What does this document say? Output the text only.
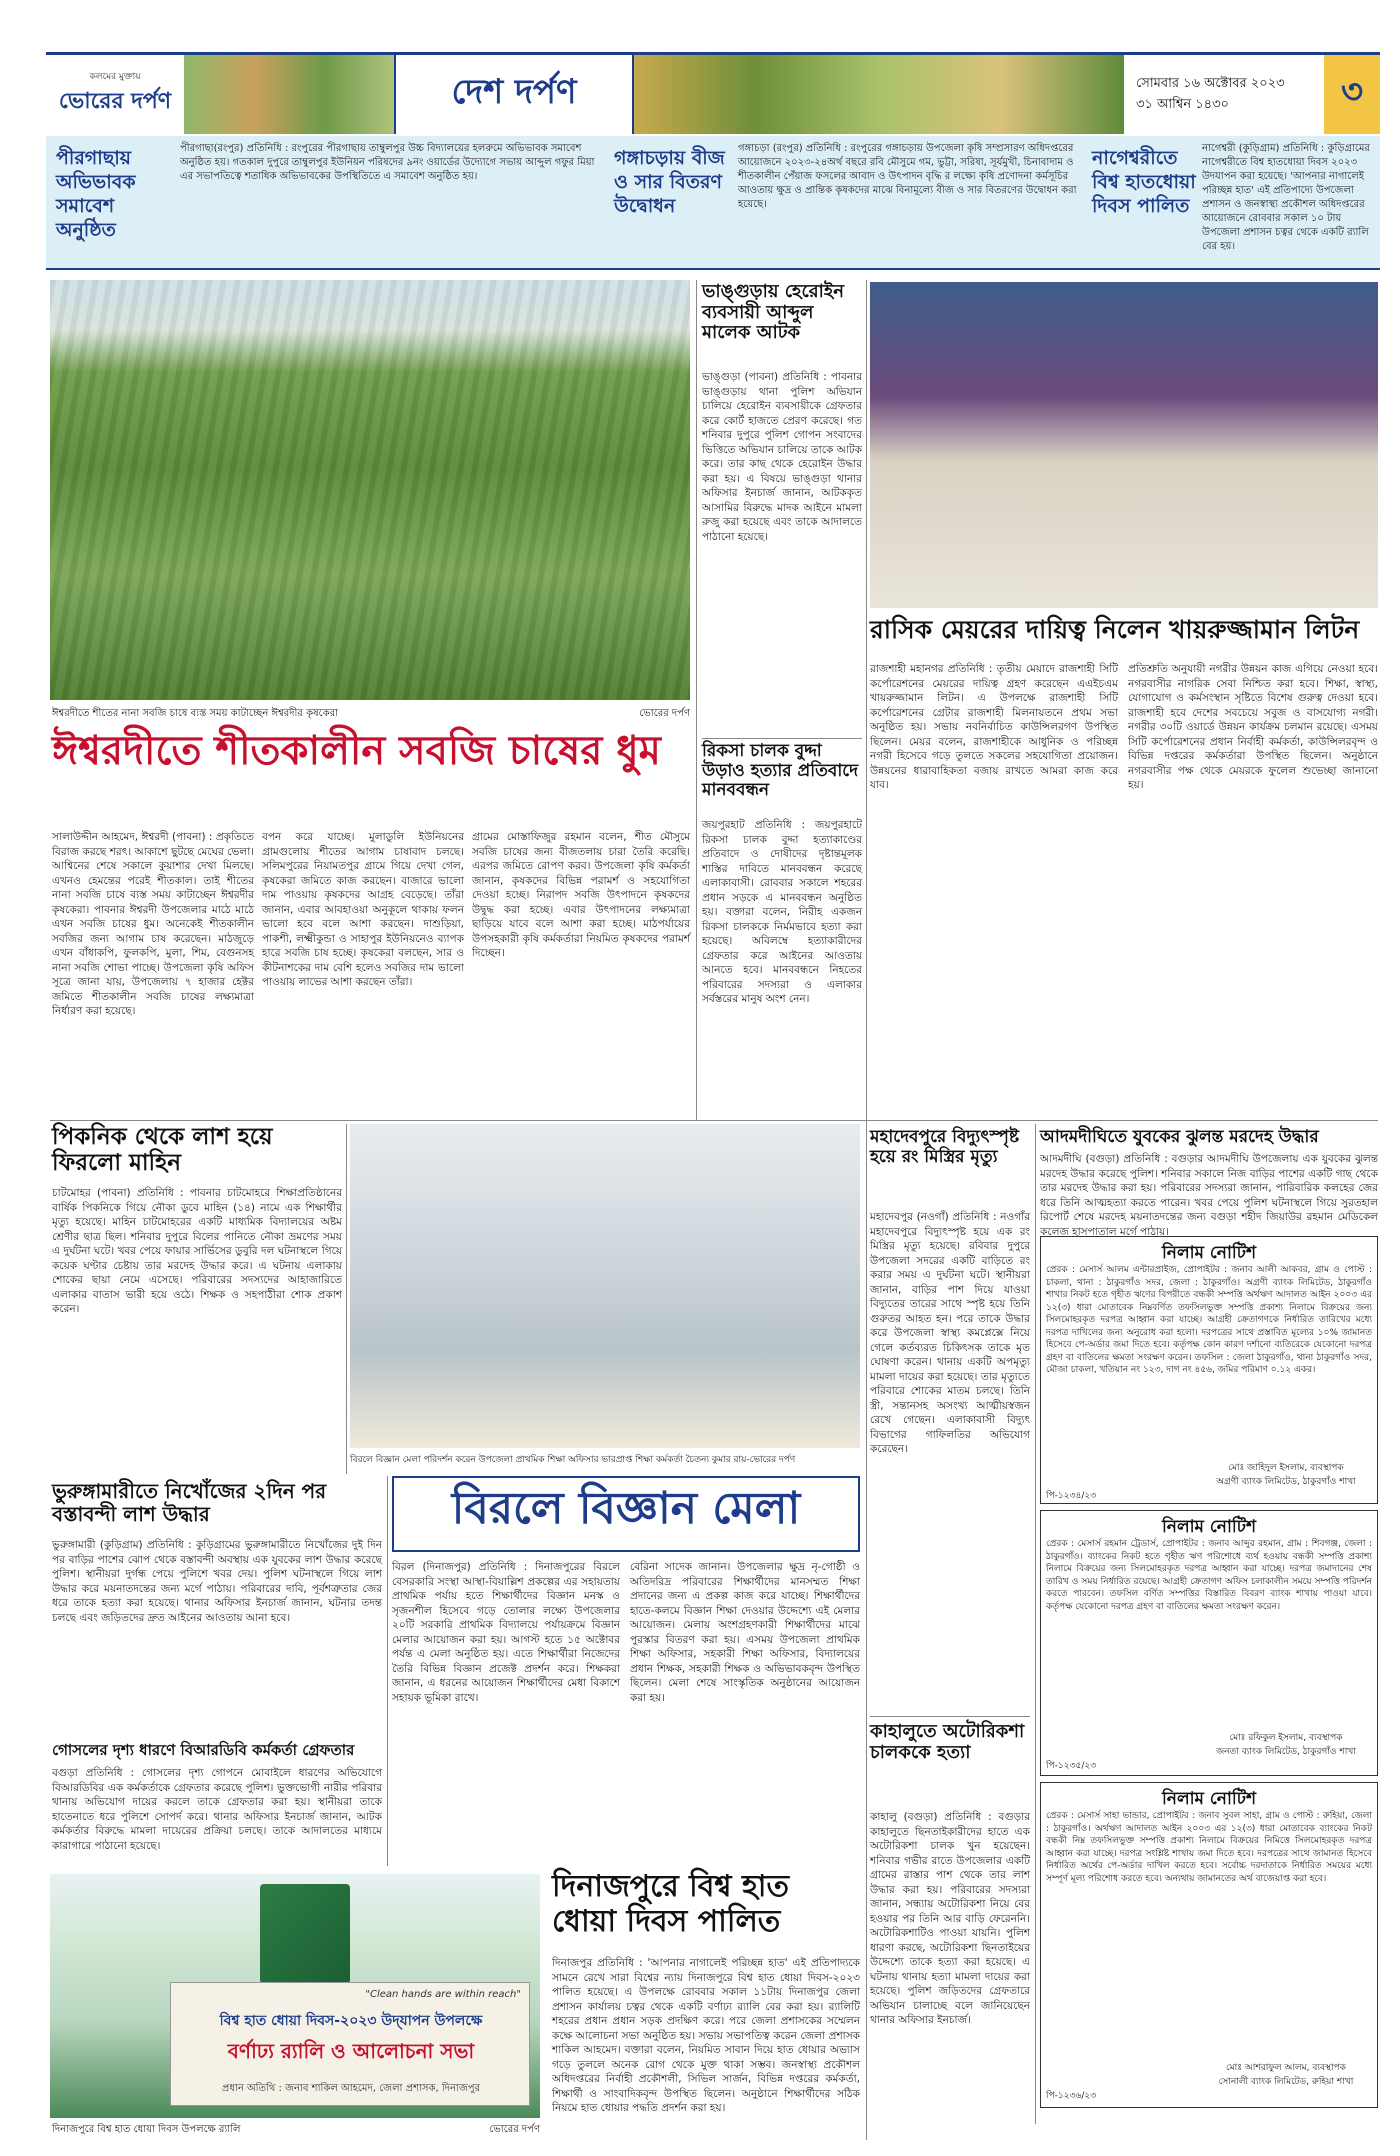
কলমের মুক্তায়
ভোরের দর্পণ	দেশ দর্পণ	সোমবার ১৬ অক্টোবর ২০২৩
৩১ আশ্বিন ১৪৩০	৩
পীরগাছায় অভিভাবক সমাবেশ অনুষ্ঠিত
পীরগাছা(রংপুর) প্রতিনিধি : রংপুরের পীরগাছায় তাম্বুলপুর উচ্চ বিদ্যালয়ের হলরুমে অভিভাবক সমাবেশ অনুষ্ঠিত হয়। গতকাল দুপুরে তাম্বুলপুর ইউনিয়ন পরিষদের ৯নং ওয়ার্ডের উদ্যোগে সভায় আব্দুল গফুর মিয়া এর সভাপতিত্বে শতাধিক অভিভাবকের উপস্থিতিতে এ সমাবেশ অনুষ্ঠিত হয়।
গঙ্গাচড়ায় বীজ ও সার বিতরণ উদ্বোধন
গঙ্গাচড়া (রংপুর) প্রতিনিধি : রংপুরের গঙ্গাচড়ায় উপজেলা কৃষি সম্প্রসারণ অধিদপ্তরের আয়োজনে ২০২৩-২৪অর্থ বছরে রবি মৌসুমে গম, ভুট্টা, সরিষা, সূর্যমুখী, চিনাবাদাম ও শীতকালীন পেঁয়াজ ফসলের আবাদ ও উৎপাদন বৃদ্ধি র লক্ষ্যে কৃষি প্রণোদনা কর্মসূচির আওতায় ক্ষুদ্র ও প্রান্তিক কৃষকদের মাঝে বিনামূল্যে বীজ ও সার বিতরণের উদ্বোধন করা হয়েছে।
নাগেশ্বরীতে বিশ্ব হাতধোয়া দিবস পালিত
নাগেশ্বরী (কুড়িগ্রাম) প্রতিনিধি : কুড়িগ্রামের নাগেশ্বরীতে বিশ্ব হাতধোয়া দিবস ২০২৩ উদযাপন করা হয়েছে। 'আপনার নাগালেই পরিচ্ছন্ন হাত' এই প্রতিপাদ্যে উপজেলা প্রশাসন ও জনস্বাস্থ্য প্রকৌশল অধিদপ্তরের আয়োজনে রোববার সকাল ১০ টায় উপজেলা প্রশাসন চত্বর থেকে একটি র‍্যালি বের হয়।
ঈশ্বরদীতে শীতের নানা সবজি চাষে ব্যস্ত সময় কাটাচ্ছেন ঈশ্বরদীর কৃষকেরা	ভোরের দর্পণ
ভাঙ্গুড়ায় হেরোইন ব্যবসায়ী আব্দুল মালেক আটক
ভাঙ্গুড়া (পাবনা) প্রতিনিধি : পাবনার ভাঙ্গুড়ায় থানা পুলিশ অভিযান চালিয়ে হেরোইন ব্যবসায়ীকে গ্রেফতার করে কোর্ট হাজতে প্রেরণ করেছে। গত শনিবার দুপুরে পুলিশ গোপন সংবাদের ভিত্তিতে অভিযান চালিয়ে তাকে আটক করে। তার কাছ থেকে হেরোইন উদ্ধার করা হয়। এ বিষয়ে ভাঙ্গুড়া থানার অফিসার ইনচার্জ জানান, আটককৃত আসামির বিরুদ্ধে মাদক আইনে মামলা রুজু করা হয়েছে এবং তাকে আদালতে পাঠানো হয়েছে।
রিকসা চালক বুদ্দা উড়াও হত্যার প্রতিবাদে মানববন্ধন
জয়পুরহাট প্রতিনিধি : জয়পুরহাটে রিকসা চালক বুদ্দা হত্যাকাণ্ডের প্রতিবাদে ও দোষীদের দৃষ্টান্তমূলক শাস্তির দাবিতে মানববন্ধন করেছে এলাকাবাসী। রোববার সকালে শহরের প্রধান সড়কে এ মানববন্ধন অনুষ্ঠিত হয়। বক্তারা বলেন, নিরীহ একজন রিকসা চালককে নির্মমভাবে হত্যা করা হয়েছে। অবিলম্বে হত্যাকারীদের গ্রেফতার করে আইনের আওতায় আনতে হবে। মানববন্ধনে নিহতের পরিবারের সদস্যরা ও এলাকার সর্বস্তরের মানুষ অংশ নেন।
রাসিক মেয়রের দায়িত্ব নিলেন খায়রুজ্জামান লিটন
রাজশাহী মহানগর প্রতিনিধি : তৃতীয় মেয়াদে রাজশাহী সিটি কর্পোরেশনের মেয়রের দায়িত্ব গ্রহণ করেছেন এএইচএম খায়রুজ্জামান লিটন। এ উপলক্ষে রাজশাহী সিটি কর্পোরেশনের গ্রেটার রাজশাহী মিলনায়তনে প্রথম সভা অনুষ্ঠিত হয়। সভায় নবনির্বাচিত কাউন্সিলরগণ উপস্থিত ছিলেন। মেয়র বলেন, রাজশাহীকে আধুনিক ও পরিচ্ছন্ন নগরী হিসেবে গড়ে তুলতে সকলের সহযোগিতা প্রয়োজন। উন্নয়নের ধারাবাহিকতা বজায় রাখতে আমরা কাজ করে যাব।
প্রতিশ্রুতি অনুযায়ী নগরীর উন্নয়ন কাজ এগিয়ে নেওয়া হবে। নগরবাসীর নাগরিক সেবা নিশ্চিত করা হবে। শিক্ষা, স্বাস্থ্য, যোগাযোগ ও কর্মসংস্থান সৃষ্টিতে বিশেষ গুরুত্ব দেওয়া হবে। রাজশাহী হবে দেশের সবচেয়ে সবুজ ও বাসযোগ্য নগরী। নগরীর ৩০টি ওয়ার্ডে উন্নয়ন কার্যক্রম চলমান রয়েছে। এসময় সিটি কর্পোরেশনের প্রধান নির্বাহী কর্মকর্তা, কাউন্সিলরবৃন্দ ও বিভিন্ন দপ্তরের কর্মকর্তারা উপস্থিত ছিলেন। অনুষ্ঠানে নগরবাসীর পক্ষ থেকে মেয়রকে ফুলেল শুভেচ্ছা জানানো হয়।
ঈশ্বরদীতে শীতকালীন সবজি চাষের ধুম
সালাউদ্দীন আহমেদ, ঈশ্বরদী (পাবনা) : প্রকৃতিতে বিরাজ করছে শরৎ। আকাশে ছুটছে মেঘের ভেলা। আশ্বিনের শেষে সকালে কুয়াশার দেখা মিলছে। এখনও হেমন্তের পরেই শীতকাল। তাই শীতের নানা সবজি চাষে ব্যস্ত সময় কাটাচ্ছেন ঈশ্বরদীর কৃষকেরা। পাবনার ঈশ্বরদী উপজেলার মাঠে মাঠে এখন সবজি চাষের ধুম। অনেকেই শীতকালীন সবজির জন্য আগাম চাষ করেছেন। মাঠজুড়ে এখন বাঁধাকপি, ফুলকপি, মুলা, শিম, বেগুনসহ নানা সবজি শোভা পাচ্ছে। উপজেলা কৃষি অফিস সূত্রে জানা যায়, উপজেলায় ৭ হাজার হেক্টর জমিতে শীতকালীন সবজি চাষের লক্ষ্যমাত্রা নির্ধারণ করা হয়েছে।
বপন করে যাচ্ছে। মুলাডুলি ইউনিয়নের গ্রামগুলোয় শীতের আগাম চাষাবাদ চলছে। সলিমপুরের নিয়ামতপুর গ্রামে গিয়ে দেখা গেল, কৃষকেরা জমিতে কাজ করছেন। বাজারে ভালো দাম পাওয়ায় কৃষকদের আগ্রহ বেড়েছে। তাঁরা জানান, এবার আবহাওয়া অনুকূলে থাকায় ফলন ভালো হবে বলে আশা করছেন। দাশুড়িয়া, পাকশী, লক্ষ্মীকুন্ডা ও সাহাপুর ইউনিয়নেও ব্যাপক হারে সবজি চাষ হচ্ছে। কৃষকেরা বলছেন, সার ও কীটনাশকের দাম বেশি হলেও সবজির দাম ভালো পাওয়ায় লাভের আশা করছেন তাঁরা।
গ্রামের মোস্তাফিজুর রহমান বলেন, শীত মৌসুমে সবজি চাষের জন্য বীজতলায় চারা তৈরি করেছি। এরপর জমিতে রোপণ করব। উপজেলা কৃষি কর্মকর্তা জানান, কৃষকদের বিভিন্ন পরামর্শ ও সহযোগিতা দেওয়া হচ্ছে। নিরাপদ সবজি উৎপাদনে কৃষকদের উদ্বুদ্ধ করা হচ্ছে। এবার উৎপাদনের লক্ষ্যমাত্রা ছাড়িয়ে যাবে বলে আশা করা হচ্ছে। মাঠপর্যায়ের উপসহকারী কৃষি কর্মকর্তারা নিয়মিত কৃষকদের পরামর্শ দিচ্ছেন।
পিকনিক থেকে লাশ হয়ে ফিরলো মাহিন
চাটমোহর (পাবনা) প্রতিনিধি : পাবনার চাটমোহরে শিক্ষাপ্রতিষ্ঠানের বার্ষিক পিকনিকে গিয়ে নৌকা ডুবে মাহিন (১৪) নামে এক শিক্ষার্থীর মৃত্যু হয়েছে। মাহিন চাটমোহরের একটি মাধ্যমিক বিদ্যালয়ের অষ্টম শ্রেণীর ছাত্র ছিল। শনিবার দুপুরে বিলের পানিতে নৌকা ভ্রমণের সময় এ দুর্ঘটনা ঘটে। খবর পেয়ে ফায়ার সার্ভিসের ডুবুরি দল ঘটনাস্থলে গিয়ে কয়েক ঘণ্টার চেষ্টায় তার মরদেহ উদ্ধার করে। এ ঘটনায় এলাকায় শোকের ছায়া নেমে এসেছে। পরিবারের সদস্যদের আহাজারিতে এলাকার বাতাস ভারী হয়ে ওঠে। শিক্ষক ও সহপাঠীরা শোক প্রকাশ করেন।
বিরলে বিজ্ঞান মেলা পরিদর্শন করেন উপজেলা প্রাথমিক শিক্ষা অফিসার ভারপ্রাপ্ত শিক্ষা কর্মকর্তা চৈতন্য কুমার রায়-ভোরের দর্পণ
ভুরুঙ্গামারীতে নিখোঁজের ২দিন পর বস্তাবন্দী লাশ উদ্ধার
ভুরুঙ্গামারী (কুড়িগ্রাম) প্রতিনিধি : কুড়িগ্রামের ভুরুঙ্গামারীতে নিখোঁজের দুই দিন পর বাড়ির পাশের ঝোপ থেকে বস্তাবন্দী অবস্থায় এক যুবকের লাশ উদ্ধার করেছে পুলিশ। স্থানীয়রা দুর্গন্ধ পেয়ে পুলিশে খবর দেয়। পুলিশ ঘটনাস্থলে গিয়ে লাশ উদ্ধার করে ময়নাতদন্তের জন্য মর্গে পাঠায়। পরিবারের দাবি, পূর্বশত্রুতার জের ধরে তাকে হত্যা করা হয়েছে। থানার অফিসার ইনচার্জ জানান, ঘটনার তদন্ত চলছে এবং জড়িতদের দ্রুত আইনের আওতায় আনা হবে।
গোসলের দৃশ্য ধারণে বিআরডিবি কর্মকর্তা গ্রেফতার
বগুড়া প্রতিনিধি : গোসলের দৃশ্য গোপনে মোবাইলে ধারণের অভিযোগে বিআরডিবির এক কর্মকর্তাকে গ্রেফতার করেছে পুলিশ। ভুক্তভোগী নারীর পরিবার থানায় অভিযোগ দায়ের করলে তাকে গ্রেফতার করা হয়। স্থানীয়রা তাকে হাতেনাতে ধরে পুলিশে সোপর্দ করে। থানার অফিসার ইনচার্জ জানান, আটক কর্মকর্তার বিরুদ্ধে মামলা দায়েরের প্রক্রিয়া চলছে। তাকে আদালতের মাধ্যমে কারাগারে পাঠানো হয়েছে।
বিরলে বিজ্ঞান মেলা
বিরল (দিনাজপুর) প্রতিনিধি : দিনাজপুরের বিরলে বেসরকারি সংস্থা আস্থা-বিয়াল্লিশ প্রকল্পের এর সহায়তায় প্রাথমিক পর্যায় হতে শিক্ষার্থীদের বিজ্ঞান মনস্ক ও সৃজনশীল হিসেবে গড়ে তোলার লক্ষ্যে উপজেলার ২০টি সরকারি প্রাথমিক বিদ্যালয়ে পর্যায়ক্রমে বিজ্ঞান মেলার আয়োজন করা হয়। আগস্ট হতে ১৫ অক্টোবর পর্যন্ত এ মেলা অনুষ্ঠিত হয়। এতে শিক্ষার্থীরা নিজেদের তৈরি বিভিন্ন বিজ্ঞান প্রজেক্ট প্রদর্শন করে। শিক্ষকরা জানান, এ ধরনের আয়োজন শিক্ষার্থীদের মেধা বিকাশে সহায়ক ভূমিকা রাখে।
বেরিনা সাদেক জানান। উপজেলার ক্ষুদ্র নৃ-গোষ্ঠী ও অতিদরিদ্র পরিবারের শিক্ষার্থীদের মানসম্মত শিক্ষা প্রদানের জন্য এ প্রকল্প কাজ করে যাচ্ছে। শিক্ষার্থীদের হাতে-কলমে বিজ্ঞান শিক্ষা দেওয়ার উদ্দেশ্যে এই মেলার আয়োজন। মেলায় অংশগ্রহণকারী শিক্ষার্থীদের মাঝে পুরস্কার বিতরণ করা হয়। এসময় উপজেলা প্রাথমিক শিক্ষা অফিসার, সহকারী শিক্ষা অফিসার, বিদ্যালয়ের প্রধান শিক্ষক, সহকারী শিক্ষক ও অভিভাবকবৃন্দ উপস্থিত ছিলেন। মেলা শেষে সাংস্কৃতিক অনুষ্ঠানের আয়োজন করা হয়।
মহাদেবপুরে বিদ্যুৎস্পৃষ্ট হয়ে রং মিস্ত্রির মৃত্যু
মহাদেবপুর (নওগাঁ) প্রতিনিধি : নওগাঁর মহাদেবপুরে বিদ্যুৎস্পৃষ্ট হয়ে এক রং মিস্ত্রির মৃত্যু হয়েছে। রবিবার দুপুরে উপজেলা সদরের একটি বাড়িতে রং করার সময় এ দুর্ঘটনা ঘটে। স্থানীয়রা জানান, বাড়ির পাশ দিয়ে যাওয়া বিদ্যুতের তারের সাথে স্পৃষ্ট হয়ে তিনি গুরুতর আহত হন। পরে তাকে উদ্ধার করে উপজেলা স্বাস্থ্য কমপ্লেক্সে নিয়ে গেলে কর্তব্যরত চিকিৎসক তাকে মৃত ঘোষণা করেন। থানায় একটি অপমৃত্যু মামলা দায়ের করা হয়েছে। তার মৃত্যুতে পরিবারে শোকের মাতম চলছে। তিনি স্ত্রী, সন্তানসহ অসংখ্য আত্মীয়স্বজন রেখে গেছেন। এলাকাবাসী বিদ্যুৎ বিভাগের গাফিলতির অভিযোগ করেছেন।
কাহালুতে অটোরিকশা চালককে হত্যা
কাহালু (বগুড়া) প্রতিনিধি : বগুড়ার কাহালুতে ছিনতাইকারীদের হাতে এক অটোরিকশা চালক খুন হয়েছেন। শনিবার গভীর রাতে উপজেলার একটি গ্রামের রাস্তার পাশ থেকে তার লাশ উদ্ধার করা হয়। পরিবারের সদস্যরা জানান, সন্ধ্যায় অটোরিকশা নিয়ে বের হওয়ার পর তিনি আর বাড়ি ফেরেননি। অটোরিকশাটিও পাওয়া যায়নি। পুলিশ ধারণা করছে, অটোরিকশা ছিনতাইয়ের উদ্দেশ্যে তাকে হত্যা করা হয়েছে। এ ঘটনায় থানায় হত্যা মামলা দায়ের করা হয়েছে। পুলিশ জড়িতদের গ্রেফতারে অভিযান চালাচ্ছে বলে জানিয়েছেন থানার অফিসার ইনচার্জ।
আদমদীঘিতে যুবকের ঝুলন্ত মরদেহ উদ্ধার
আদমদীঘি (বগুড়া) প্রতিনিধি : বগুড়ার আদমদীঘি উপজেলায় এক যুবকের ঝুলন্ত মরদেহ উদ্ধার করেছে পুলিশ। শনিবার সকালে নিজ বাড়ির পাশের একটি গাছ থেকে তার মরদেহ উদ্ধার করা হয়। পরিবারের সদস্যরা জানান, পারিবারিক কলহের জের ধরে তিনি আত্মহত্যা করতে পারেন। খবর পেয়ে পুলিশ ঘটনাস্থলে গিয়ে সুরতহাল রিপোর্ট শেষে মরদেহ ময়নাতদন্তের জন্য বগুড়া শহীদ জিয়াউর রহমান মেডিকেল কলেজ হাসপাতাল মর্গে পাঠায়।
নিলাম নোটিশ
প্রেরক : মেসার্স আলম এন্টারপ্রাইজ, প্রোপাইটর : জনাব আলী আকবর, গ্রাম ও পোস্ট : চাকলা, থানা : ঠাকুরগাঁও সদর, জেলা : ঠাকুরগাঁও। অগ্রণী ব্যাংক লিমিটেড, ঠাকুরগাঁও শাখার নিকট হতে গৃহীত ঋণের বিপরীতে বন্ধকী সম্পত্তি অর্থঋণ আদালত আইন ২০০৩ এর ১২(৩) ধারা মোতাবেক নিম্নবর্ণিত তফসিলভুক্ত সম্পত্তি প্রকাশ্য নিলামে বিক্রয়ের জন্য সিলমোহরকৃত দরপত্র আহ্বান করা যাচ্ছে। আগ্রহী ক্রেতাগণকে নির্ধারিত তারিখের মধ্যে দরপত্র দাখিলের জন্য অনুরোধ করা হলো। দরপত্রের সাথে প্রস্তাবিত মূল্যের ১০% জামানত হিসেবে পে-অর্ডার জমা দিতে হবে। কর্তৃপক্ষ কোন কারণ দর্শানো ব্যতিরেকে যেকোনো দরপত্র গ্রহণ বা বাতিলের ক্ষমতা সংরক্ষণ করেন। তফসিল : জেলা ঠাকুরগাঁও, থানা ঠাকুরগাঁও সদর, মৌজা চাকলা, খতিয়ান নং ১২৩, দাগ নং ৪৫৬, জমির পরিমাণ ০.১২ একর।
মোঃ জাহিদুল ইসলাম, ব্যবস্থাপক
অগ্রণী ব্যাংক লিমিটেড, ঠাকুরগাঁও শাখা
পি-১২৩৪/২৩
নিলাম নোটিশ
প্রেরক : মেসার্স রহমান ট্রেডার্স, প্রোপাইটর : জনাব আব্দুর রহমান, গ্রাম : শিবগঞ্জ, জেলা : ঠাকুরগাঁও। ব্যাংকের নিকট হতে গৃহীত ঋণ পরিশোধে ব্যর্থ হওয়ায় বন্ধকী সম্পত্তি প্রকাশ্য নিলামে বিক্রয়ের জন্য সিলমোহরকৃত দরপত্র আহ্বান করা যাচ্ছে। দরপত্র জমাদানের শেষ তারিখ ও সময় নির্ধারিত রয়েছে। আগ্রহী ক্রেতাগণ অফিস চলাকালীন সময়ে সম্পত্তি পরিদর্শন করতে পারবেন। তফসিল বর্ণিত সম্পত্তির বিস্তারিত বিবরণ ব্যাংক শাখায় পাওয়া যাবে। কর্তৃপক্ষ যেকোনো দরপত্র গ্রহণ বা বাতিলের ক্ষমতা সংরক্ষণ করেন।
মোঃ রফিকুল ইসলাম, ব্যবস্থাপক
জনতা ব্যাংক লিমিটেড, ঠাকুরগাঁও শাখা
পি-১২৩৫/২৩
নিলাম নোটিশ
প্রেরক : মেসার্স সাহা ভান্ডার, প্রোপাইটর : জনাব সুবল সাহা, গ্রাম ও পোস্ট : রুহিয়া, জেলা : ঠাকুরগাঁও। অর্থঋণ আদালত আইন ২০০৩ এর ১২(৩) ধারা মোতাবেক ব্যাংকের নিকট বন্ধকী নিম্ন তফসিলভুক্ত সম্পত্তি প্রকাশ্য নিলামে বিক্রয়ের নিমিত্তে সিলমোহরকৃত দরপত্র আহ্বান করা যাচ্ছে। দরপত্র সংশ্লিষ্ট শাখায় জমা দিতে হবে। দরপত্রের সাথে জামানত হিসেবে নির্ধারিত অর্থের পে-অর্ডার দাখিল করতে হবে। সর্বোচ্চ দরদাতাকে নির্ধারিত সময়ের মধ্যে সম্পূর্ণ মূল্য পরিশোধ করতে হবে। অন্যথায় জামানতের অর্থ বাজেয়াপ্ত করা হবে।
মোঃ আশরাফুল আলম, ব্যবস্থাপক
সোনালী ব্যাংক লিমিটেড, রুহিয়া শাখা
পি-১২৩৬/২৩
"Clean hands are within reach"
বিশ্ব হাত ধোয়া দিবস-২০২৩ উদ্‌যাপন উপলক্ষে
বর্ণাঢ্য র‍্যালি ও আলোচনা সভা
প্রধান অতিথি : জনাব শাকিল আহমেদ, জেলা প্রশাসক, দিনাজপুর
দিনাজপুরে বিশ্ব হাত ধোয়া দিবস উপলক্ষে র‍্যালি	ভোরের দর্পণ
দিনাজপুরে বিশ্ব হাত ধোয়া দিবস পালিত
দিনাজপুর প্রতিনিধি : 'আপনার নাগালেই পরিচ্ছন্ন হাত' এই প্রতিপাদ্যকে সামনে রেখে সারা বিশ্বের ন্যায় দিনাজপুরে বিশ্ব হাত ধোয়া দিবস-২০২৩ পালিত হয়েছে। এ উপলক্ষে রোববার সকাল ১১টায় দিনাজপুর জেলা প্রশাসন কার্যালয় চত্বর থেকে একটি বর্ণাঢ্য র‍্যালি বের করা হয়। র‍্যালিটি শহরের প্রধান প্রধান সড়ক প্রদক্ষিণ করে। পরে জেলা প্রশাসকের সম্মেলন কক্ষে আলোচনা সভা অনুষ্ঠিত হয়। সভায় সভাপতিত্ব করেন জেলা প্রশাসক শাকিল আহমেদ। বক্তারা বলেন, নিয়মিত সাবান দিয়ে হাত ধোয়ার অভ্যাস গড়ে তুললে অনেক রোগ থেকে মুক্ত থাকা সম্ভব। জনস্বাস্থ্য প্রকৌশল অধিদপ্তরের নির্বাহী প্রকৌশলী, সিভিল সার্জন, বিভিন্ন দপ্তরের কর্মকর্তা, শিক্ষার্থী ও সাংবাদিকবৃন্দ উপস্থিত ছিলেন। অনুষ্ঠানে শিক্ষার্থীদের সঠিক নিয়মে হাত ধোয়ার পদ্ধতি প্রদর্শন করা হয়।
